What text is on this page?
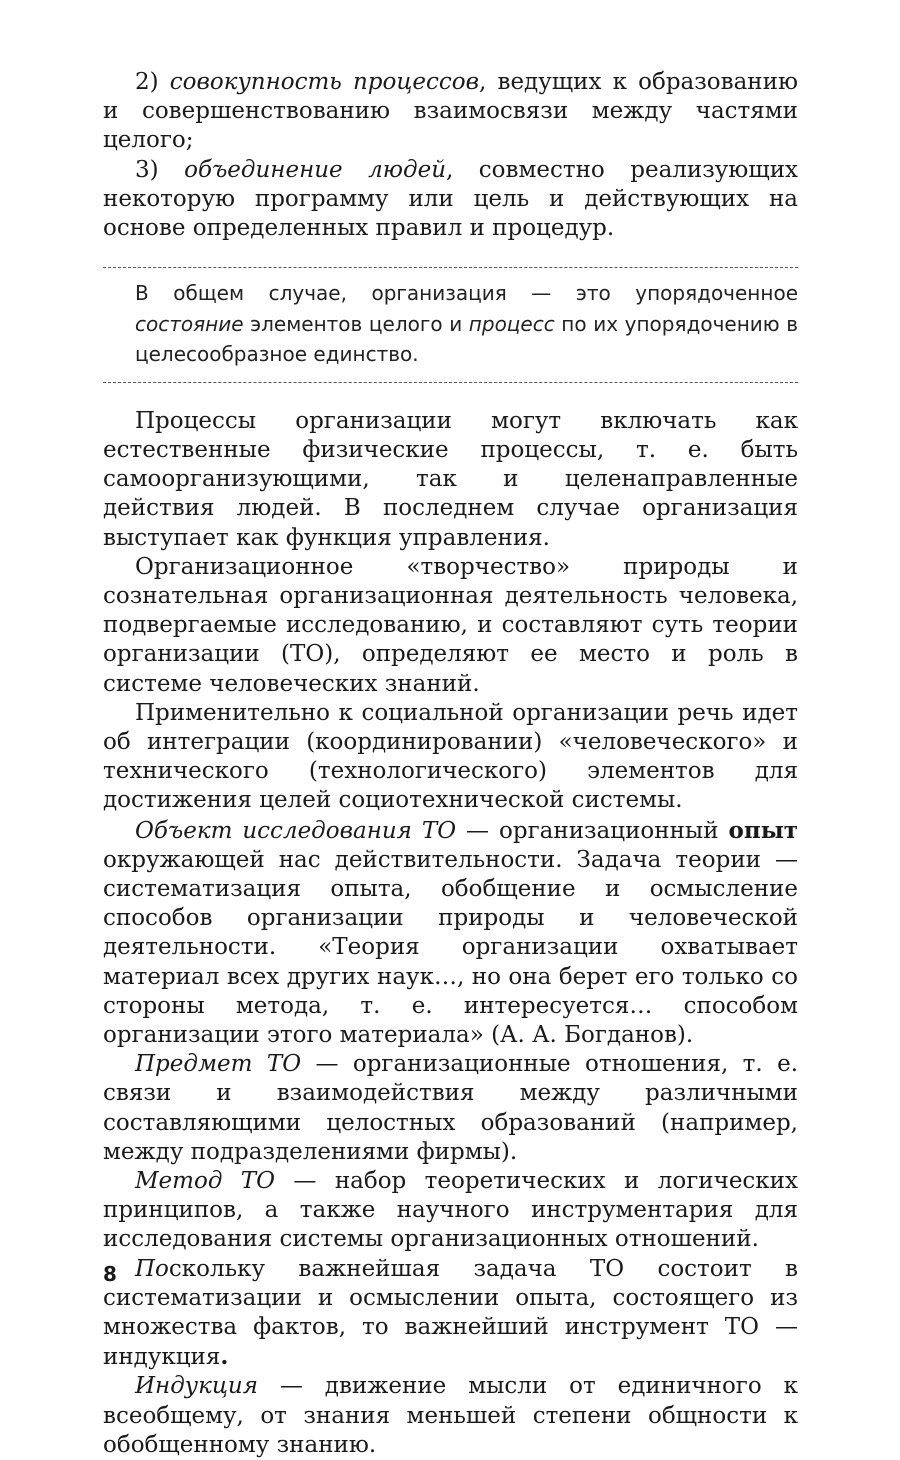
2) совокупность процессов, ведущих к образованию и совершенствованию взаимосвязи между частями целого;

3) объединение людей, совместно реализующих некоторую программу или цель и действующих на основе определенных правил и процедур.

В общем случае, организация — это упорядоченное состояние элементов целого и процесс по их упорядочению в целесообразное единство.

Процессы организации могут включать как естественные физические процессы, т. е. быть самоорганизующими, так и целенаправленные действия людей. В последнем случае организация выступает как функция управления.

Организационное «творчество» природы и сознательная организационная деятельность человека, подвергаемые исследованию, и составляют суть теории организации (ТО), определяют ее место и роль в системе человеческих знаний.

Применительно к социальной организации речь идет об интеграции (координировании) «человеческого» и технического (технологического) элементов для достижения целей социотехнической системы.

Объект исследования ТО — организационный опыт окружающей нас действительности. Задача теории — систематизация опыта, обобщение и осмысление способов организации природы и человеческой деятельности. «Теория организации охватывает материал всех других наук…, но она берет его только со стороны метода, т. е. интересуется… способом организации этого материала» (А. А. Богданов).

Предмет ТО — организационные отношения, т. е. связи и взаимодействия между различными составляющими целостных образований (например, между подразделениями фирмы).

Метод ТО — набор теоретических и логических принципов, а также научного инструментария для исследования системы организационных отношений.

Поскольку важнейшая задача ТО состоит в систематизации и осмыслении опыта, состоящего из множества фактов, то важнейший инструмент ТО — индукция.

Индукция — движение мысли от единичного к всеобщему, от знания меньшей степени общности к обобщенному знанию.

8
